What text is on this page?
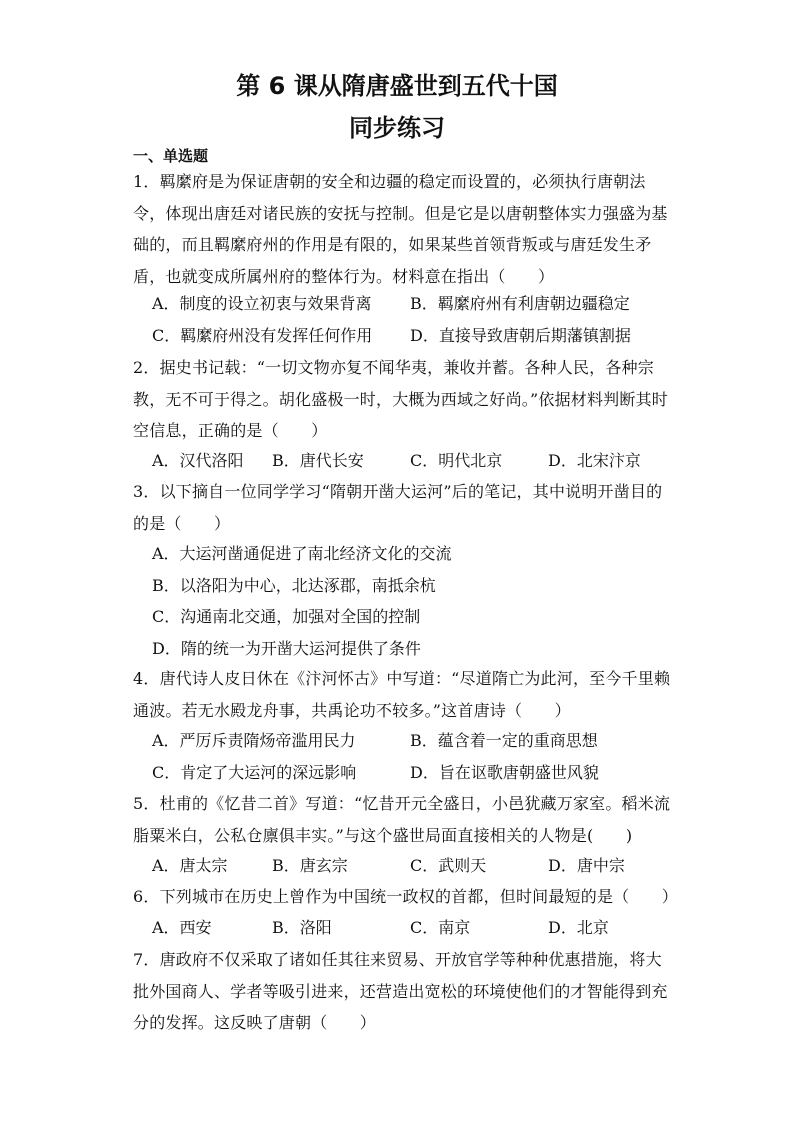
第 6 课从隋唐盛世到五代十国
同步练习
一、单选题
1．羁縻府是为保证唐朝的安全和边疆的稳定而设置的，必须执行唐朝法令，体现出唐廷对诸民族的安抚与控制。但是它是以唐朝整体实力强盛为基础的，而且羁縻府州的作用是有限的，如果某些首领背叛或与唐廷发生矛盾，也就变成所属州府的整体行为。材料意在指出（　　）
A．制度的设立初衷与效果背离 B．羁縻府州有利唐朝边疆稳定
C．羁縻府州没有发挥任何作用 D．直接导致唐朝后期藩镇割据
2．据史书记载：“一切文物亦复不闻华夷，兼收并蓄。各种人民，各种宗教，无不可于得之。胡化盛极一时，大概为西域之好尚。”依据材料判断其时空信息，正确的是（　　）
A．汉代洛阳 B．唐代长安	C．明代北京	D．北宋汴京
3．以下摘自一位同学学习“隋朝开凿大运河”后的笔记，其中说明开凿目的的是（　　）
A．大运河凿通促进了南北经济文化的交流
B．以洛阳为中心，北达涿郡，南抵余杭
C．沟通南北交通，加强对全国的控制
D．隋的统一为开凿大运河提供了条件
4．唐代诗人皮日休在《汴河怀古》中写道：“尽道隋亡为此河，至今千里赖通波。若无水殿龙舟事，共禹论功不较多。”这首唐诗（　　）
A．严厉斥责隋炀帝滥用民力	B．蕴含着一定的重商思想
C．肯定了大运河的深远影响	D．旨在讴歌唐朝盛世风貌
5．杜甫的《忆昔二首》写道：“忆昔开元全盛日，小邑犹藏万家室。稻米流脂粟米白，公私仓廪俱丰实。”与这个盛世局面直接相关的人物是(　　)
A．唐太宗	B．唐玄宗	C．武则天	D．唐中宗
6．下列城市在历史上曾作为中国统一政权的首都，但时间最短的是（　　）
A．西安	B．洛阳	C．南京	D．北京
7．唐政府不仅采取了诸如任其往来贸易、开放官学等种种优惠措施，将大批外国商人、学者等吸引进来，还营造出宽松的环境使他们的才智能得到充分的发挥。这反映了唐朝（　　）
